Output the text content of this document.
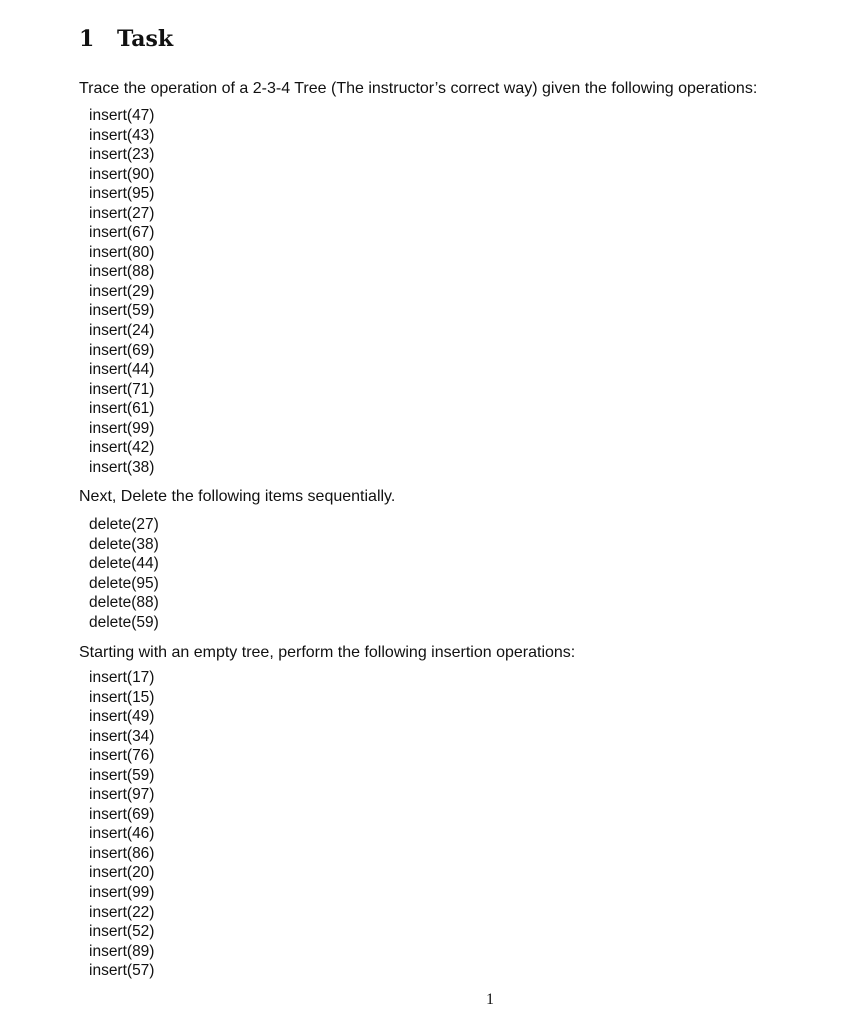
1 Task

Trace the operation of a 2-3-4 Tree (The instructor’s correct way) given the following operations:

insert(47)
insert(43)
insert(23)
insert(90)
insert(95)
insert(27)
insert(67)
insert(80)
insert(88)
insert(29)
insert(59)
insert(24)
insert(69)
insert(44)
insert(71)
insert(61)
insert(99)
insert(42)
insert(38)

Next, Delete the following items sequentially.

delete(27)
delete(38)
delete(44)
delete(95)
delete(88)
delete(59)

Starting with an empty tree, perform the following insertion operations:

insert(17)
insert(15)
insert(49)
insert(34)
insert(76)
insert(59)
insert(97)
insert(69)
insert(46)
insert(86)
insert(20)
insert(99)
insert(22)
insert(52)
insert(89)
insert(57)
1
